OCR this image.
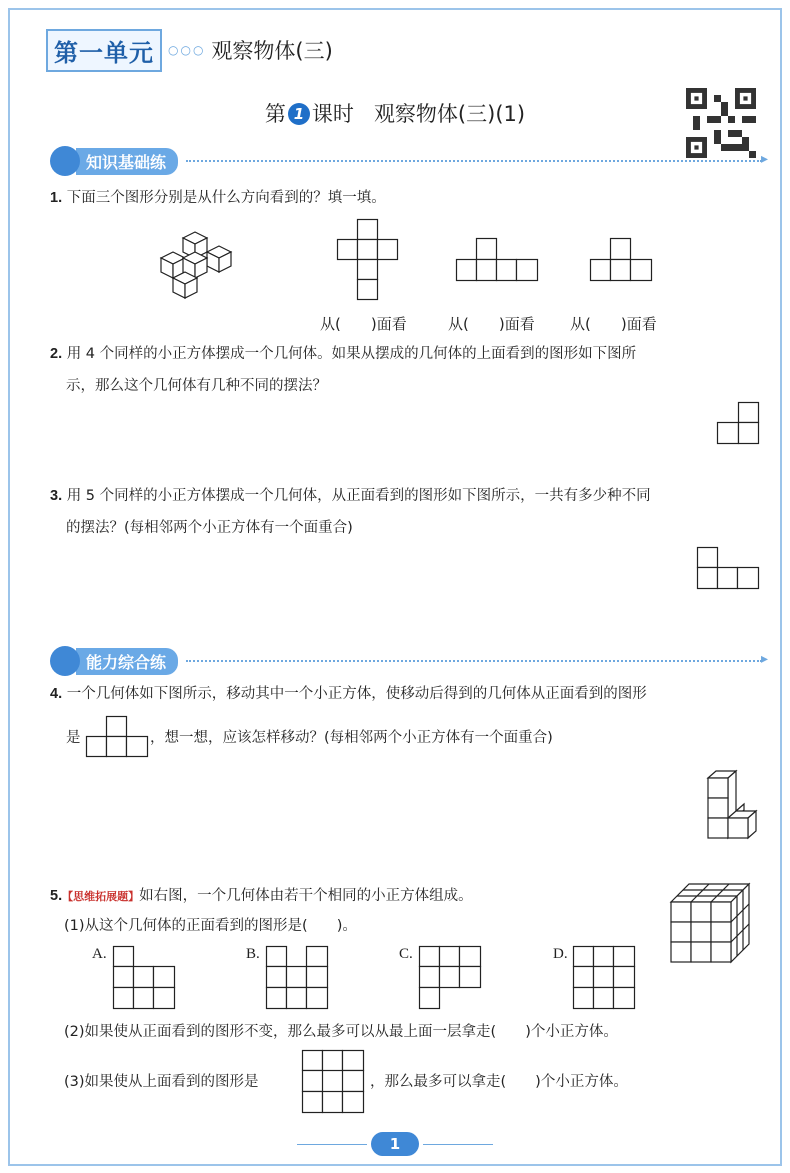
第一单元	○○○ 观察物体(三)
第 1 课时 观察物体(三)(1)
知识基础练
▸
1. 下面三个图形分别是从什么方向看到的？填一填。
从(　　)面看	从(　　)面看 从(　　)面看
2. 用 4 个同样的小正方体摆成一个几何体。如果从摆成的几何体的上面看到的图形如下图所
示，那么这个几何体有几种不同的摆法？
3. 用 5 个同样的小正方体摆成一个几何体，从正面看到的图形如下图所示，一共有多少种不同
的摆法？(每相邻两个小正方体有一个面重合)
能力综合练
▸
4. 一个几何体如下图所示，移动其中一个小正方体，使移动后得到的几何体从正面看到的图形
是	，想一想，应该怎样移动？(每相邻两个小正方体有一个面重合)
5.【思维拓展题】如右图，一个几何体由若干个相同的小正方体组成。
(1)从这个几何体的正面看到的图形是(　　)。
A.	B.	C.	D.
(2)如果使从正面看到的图形不变，那么最多可以从最上面一层拿走(　　)个小正方体。
(3)如果使从上面看到的图形是	，那么最多可以拿走(　　)个小正方体。
1
